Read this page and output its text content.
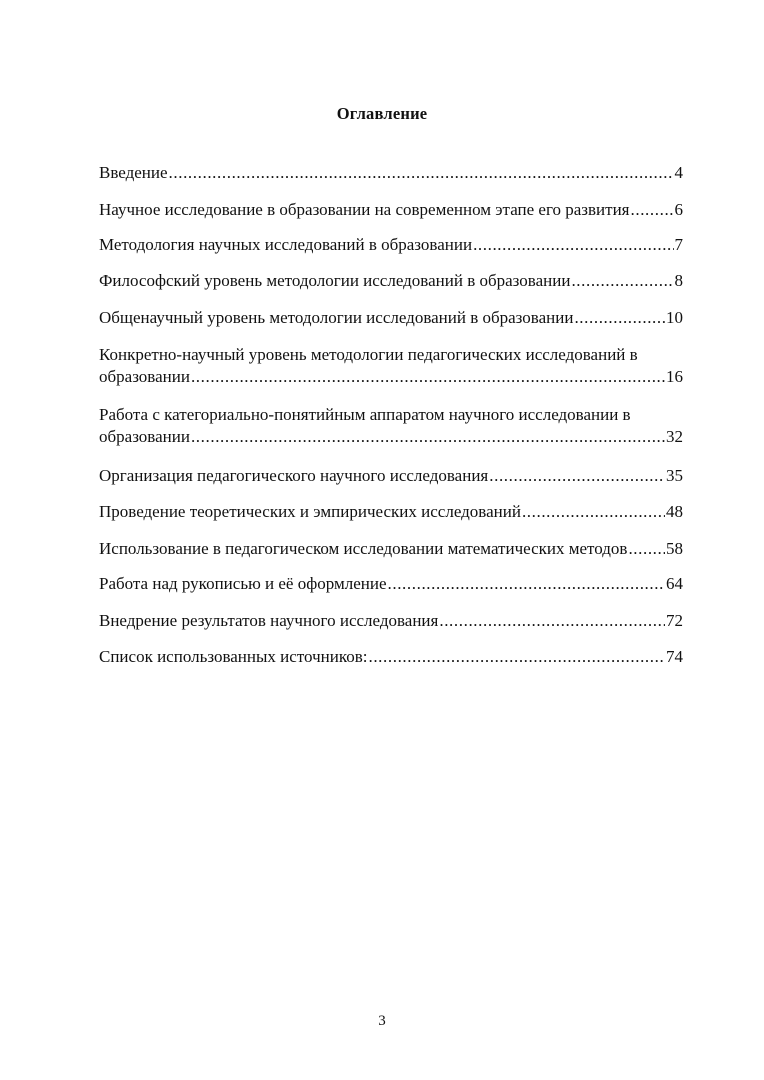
Оглавление
Введение .....	4
Научное исследование в образовании на современном этапе его развития .....	6
Методология научных исследований в образовании .....	7
Философский уровень методологии исследований в образовании .....	8
Общенаучный уровень методологии исследований в образовании .....	10
Конкретно-научный уровень методологии педагогических исследований в
образовании .....	16
Работа с категориально-понятийным аппаратом научного исследовании в
образовании .....	32
Организация педагогического научного исследования .....	35
Проведение теоретических и эмпирических исследований .....	48
Использование в педагогическом исследовании математических методов ..... 58
Работа над рукописью и её оформление .....	64
Внедрение результатов научного исследования .....	72
Список использованных источников: .....	74
3
